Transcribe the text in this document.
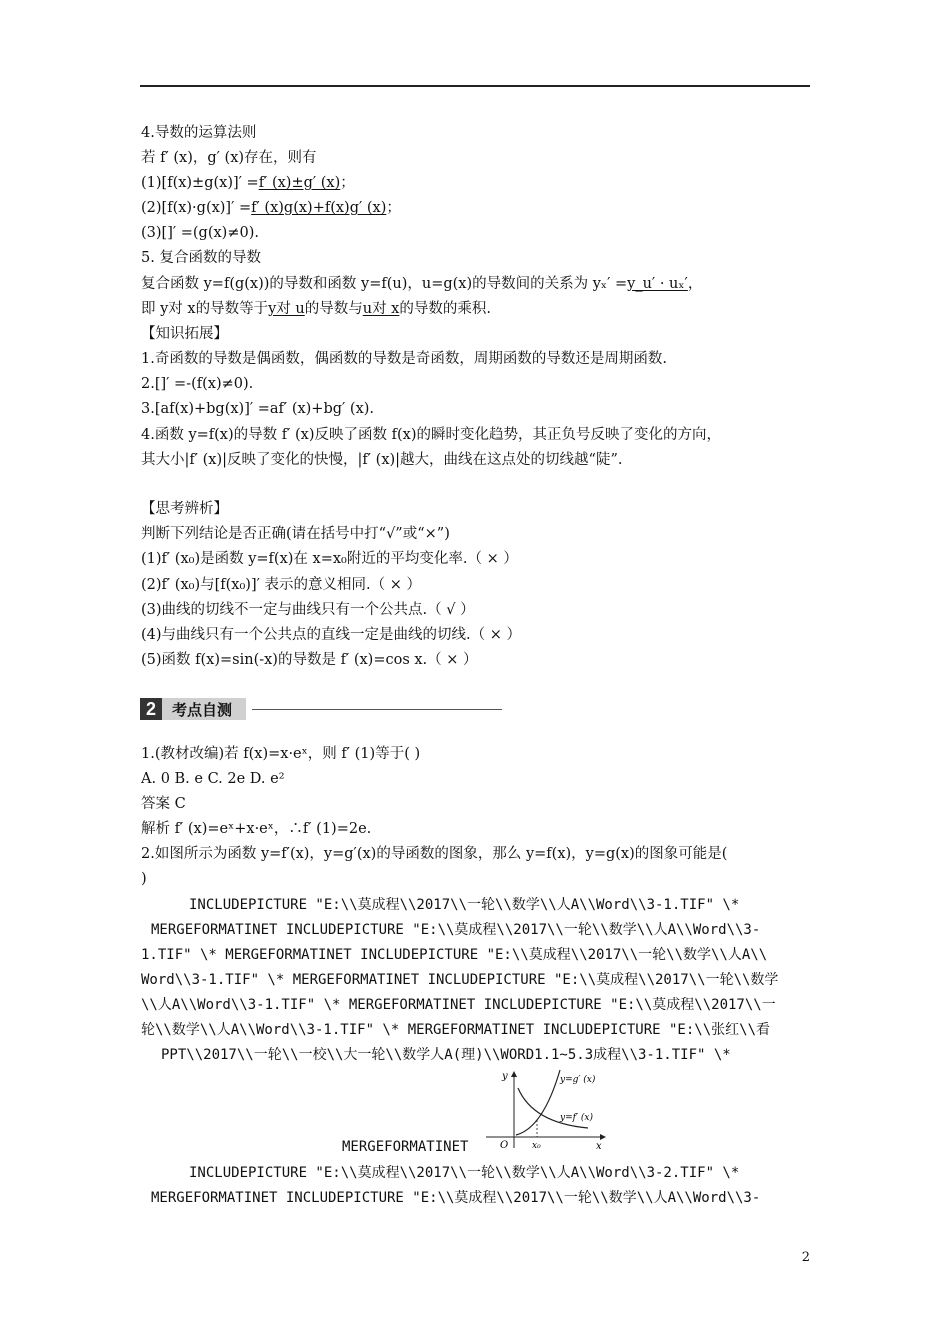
4.导数的运算法则
若 f′ (x)，g′ (x)存在，则有
(1)[f(x)±g(x)]′ =f′ (x)±g′ (x)；
(2)[f(x)·g(x)]′ =f′ (x)g(x)+f(x)g′ (x)；
(3)[]′ =(g(x)≠0).
5. 复合函数的导数
复合函数 y=f(g(x))的导数和函数 y=f(u)，u=g(x)的导数间的关系为 yₓ′ =y_u′ · uₓ′，
即 y对 x的导数等于y对 u的导数与u对 x的导数的乘积.
【知识拓展】
1.奇函数的导数是偶函数，偶函数的导数是奇函数，周期函数的导数还是周期函数.
2.[]′ =-(f(x)≠0).
3.[af(x)+bg(x)]′ =af′ (x)+bg′ (x).
4.函数 y=f(x)的导数 f′ (x)反映了函数 f(x)的瞬时变化趋势，其正负号反映了变化的方向，
其大小|f′ (x)|反映了变化的快慢，|f′ (x)|越大，曲线在这点处的切线越“陡”.
【思考辨析】
判断下列结论是否正确(请在括号中打“√”或“×”)
(1)f′ (x₀)是函数 y=f(x)在 x=x₀附近的平均变化率.（ × ）
(2)f′ (x₀)与[f(x₀)]′ 表示的意义相同.（ × ）
(3)曲线的切线不一定与曲线只有一个公共点.（ √ ）
(4)与曲线只有一个公共点的直线一定是曲线的切线.（ × ）
(5)函数 f(x)=sin(-x)的导数是 f′ (x)=cos x.（ × ）
2	考点自测
1.(教材改编)若 f(x)=x·eˣ，则 f′ (1)等于( )
A. 0 B. e C. 2e D. e²
答案 C
解析 f′ (x)=eˣ+x·eˣ，∴f′ (1)=2e.
2.如图所示为函数 y=f′(x)，y=g′(x)的导函数的图象，那么 y=f(x)，y=g(x)的图象可能是(
)
INCLUDEPICTURE "E:\\莫成程\\2017\\一轮\\数学\\人A\\Word\\3-1.TIF" \*
MERGEFORMATINET INCLUDEPICTURE "E:\\莫成程\\2017\\一轮\\数学\\人A\\Word\\3-
1.TIF" \* MERGEFORMATINET INCLUDEPICTURE "E:\\莫成程\\2017\\一轮\\数学\\人A\\
Word\\3-1.TIF" \* MERGEFORMATINET INCLUDEPICTURE "E:\\莫成程\\2017\\一轮\\数学
\\人A\\Word\\3-1.TIF" \* MERGEFORMATINET INCLUDEPICTURE "E:\\莫成程\\2017\\一
轮\\数学\\人A\\Word\\3-1.TIF" \* MERGEFORMATINET INCLUDEPICTURE "E:\\张红\\看
PPT\\2017\\一轮\\一校\\大一轮\\数学人A(理)\\WORD1.1~5.3成程\\3-1.TIF" \*
MERGEFORMATINET
INCLUDEPICTURE "E:\\莫成程\\2017\\一轮\\数学\\人A\\Word\\3-2.TIF" \*
MERGEFORMATINET INCLUDEPICTURE "E:\\莫成程\\2017\\一轮\\数学\\人A\\Word\\3-
y
x
O	x₀
y=g′ (x)
y=f′ (x)
2
